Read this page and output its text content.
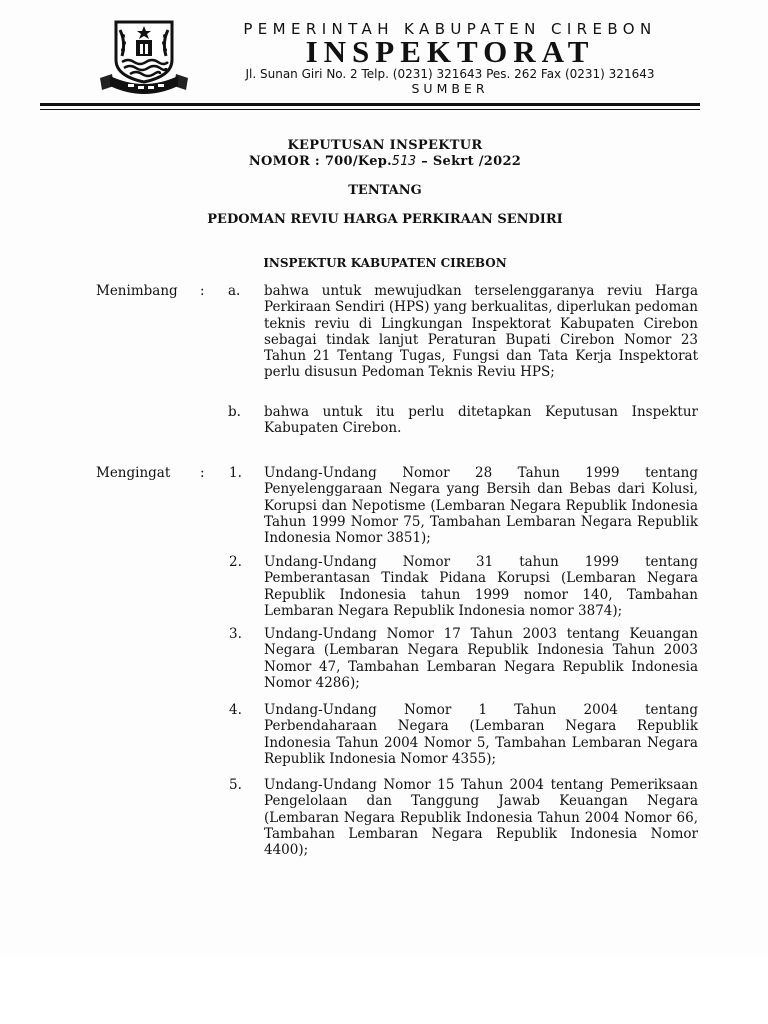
PEMERINTAH KABUPATEN CIREBON
INSPEKTORAT
Jl. Sunan Giri No. 2 Telp. (0231) 321643 Pes. 262 Fax (0231) 321643
SUMBER
KEPUTUSAN INSPEKTUR
NOMOR : 700/Kep.513 – Sekrt /2022
TENTANG
PEDOMAN REVIU HARGA PERKIRAAN SENDIRI
INSPEKTUR KABUPATEN CIREBON
Menimbang : a. bahwa untuk mewujudkan terselenggaranya reviu Harga Perkiraan Sendiri (HPS) yang berkualitas, diperlukan pedoman teknis reviu di Lingkungan Inspektorat Kabupaten Cirebon sebagai tindak lanjut Peraturan Bupati Cirebon Nomor 23 Tahun 21 Tentang Tugas, Fungsi dan Tata Kerja Inspektorat perlu disusun Pedoman Teknis Reviu HPS;
b. bahwa untuk itu perlu ditetapkan Keputusan Inspektur Kabupaten Cirebon.
Mengingat : 1. Undang-Undang Nomor 28 Tahun 1999 tentang Penyelenggaraan Negara yang Bersih dan Bebas dari Kolusi, Korupsi dan Nepotisme (Lembaran Negara Republik Indonesia Tahun 1999 Nomor 75, Tambahan Lembaran Negara Republik Indonesia Nomor 3851);
2. Undang-Undang Nomor 31 tahun 1999 tentang Pemberantasan Tindak Pidana Korupsi (Lembaran Negara Republik Indonesia tahun 1999 nomor 140, Tambahan Lembaran Negara Republik Indonesia nomor 3874);
3. Undang-Undang Nomor 17 Tahun 2003 tentang Keuangan Negara (Lembaran Negara Republik Indonesia Tahun 2003 Nomor 47, Tambahan Lembaran Negara Republik Indonesia Nomor 4286);
4. Undang-Undang Nomor 1 Tahun 2004 tentang Perbendaharaan Negara (Lembaran Negara Republik Indonesia Tahun 2004 Nomor 5, Tambahan Lembaran Negara Republik Indonesia Nomor 4355);
5. Undang-Undang Nomor 15 Tahun 2004 tentang Pemeriksaan Pengelolaan dan Tanggung Jawab Keuangan Negara (Lembaran Negara Republik Indonesia Tahun 2004 Nomor 66, Tambahan Lembaran Negara Republik Indonesia Nomor 4400);
